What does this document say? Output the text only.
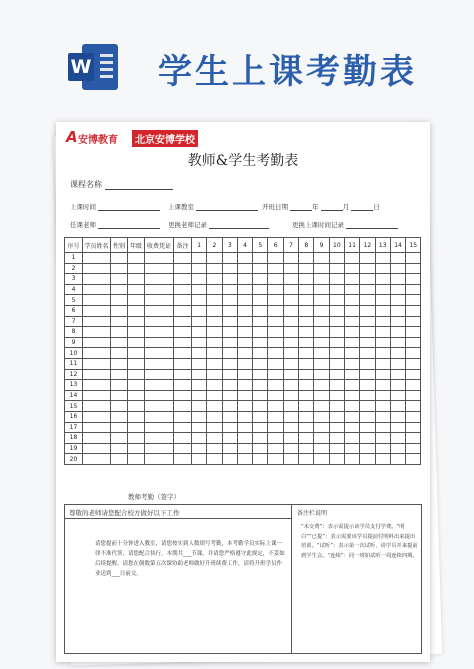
W 学生上课考勤表
A 安博教育	北京安博学校
教师&学生考勤表
课程名称
上课时间	上课教室	开班日期	年	月	日
任课老师	更换老师记录	更换上课时间记录
序号	学员姓名	性别	年级	收费凭证	备注	1	2	3	4	5	6	7	8	9	10	11	12	13	14	15
1																				
2																				
3																				
4																				
5																				
6																				
7																				
8																				
9																				
10																				
11																				
12																				
13																				
14																				
15																				
16																				
17																				
18																				
19																				
20																				
教师考勤（签字）
尊敬的老师请您配合校方做好以下工作
请您提前十分钟进入教室，请您按实到人数填写考勤，本考勤学员实际上课一律不准代签，请您配合执行。本期共___节课，并请您严格遵守此规定，不妥如后续提醒。请您在倒数第五次课协助老师做好升班续费工作，请将升班学员作业送到___日前交。
备注栏说明
“未交费”：表示需提示该学员支付学费。“明白”“已提”：表示需要该学员提前付明料出来提出培训。“试听”：表示第一次试听，请学员并来提前到学生会。“连续”：同一班如试听一周连续四期。
